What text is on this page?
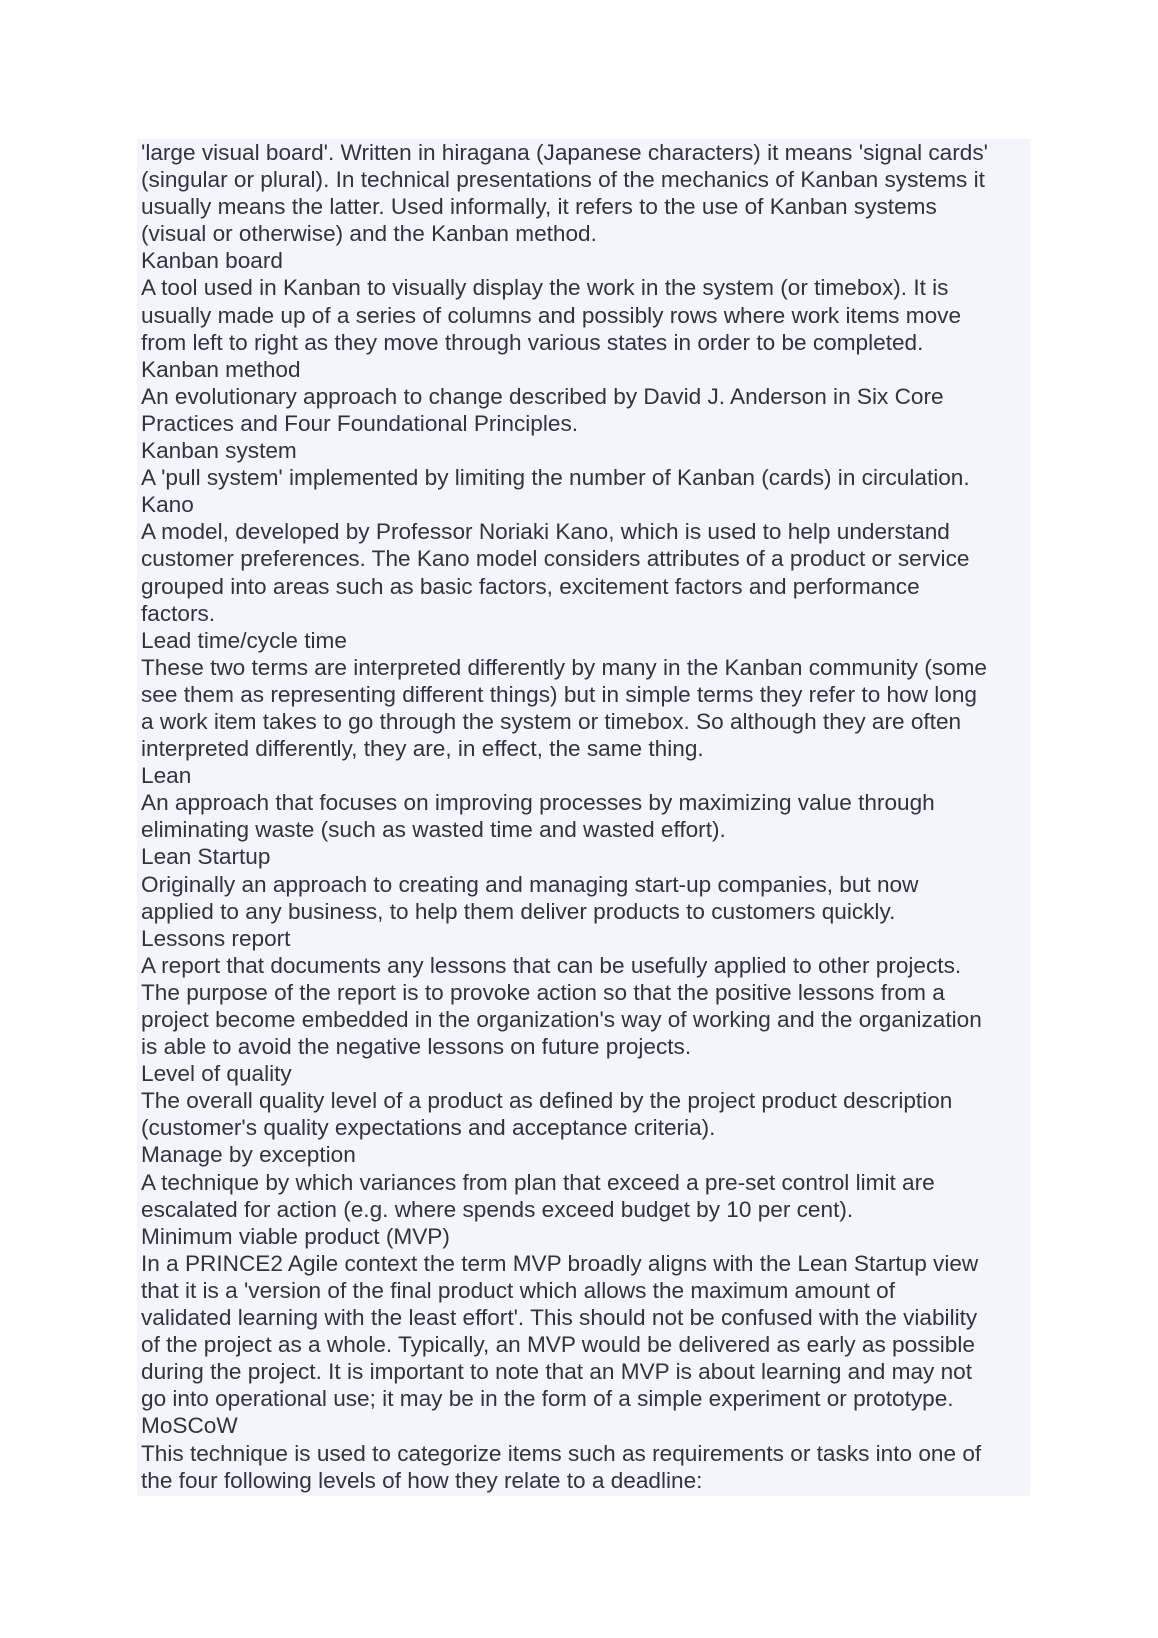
'large visual board'. Written in hiragana (Japanese characters) it means 'signal cards'

(singular or plural). In technical presentations of the mechanics of Kanban systems it

usually means the latter. Used informally, it refers to the use of Kanban systems

(visual or otherwise) and the Kanban method.

Kanban board

A tool used in Kanban to visually display the work in the system (or timebox). It is

usually made up of a series of columns and possibly rows where work items move

from left to right as they move through various states in order to be completed.

Kanban method

An evolutionary approach to change described by David J. Anderson in Six Core

Practices and Four Foundational Principles.

Kanban system

A 'pull system' implemented by limiting the number of Kanban (cards) in circulation.

Kano

A model, developed by Professor Noriaki Kano, which is used to help understand

customer preferences. The Kano model considers attributes of a product or service

grouped into areas such as basic factors, excitement factors and performance

factors.

Lead time/cycle time

These two terms are interpreted differently by many in the Kanban community (some

see them as representing different things) but in simple terms they refer to how long

a work item takes to go through the system or timebox. So although they are often

interpreted differently, they are, in effect, the same thing.

Lean

An approach that focuses on improving processes by maximizing value through

eliminating waste (such as wasted time and wasted effort).

Lean Startup

Originally an approach to creating and managing start-up companies, but now

applied to any business, to help them deliver products to customers quickly.

Lessons report

A report that documents any lessons that can be usefully applied to other projects.

The purpose of the report is to provoke action so that the positive lessons from a

project become embedded in the organization's way of working and the organization

is able to avoid the negative lessons on future projects.

Level of quality

The overall quality level of a product as defined by the project product description

(customer's quality expectations and acceptance criteria).

Manage by exception

A technique by which variances from plan that exceed a pre-set control limit are

escalated for action (e.g. where spends exceed budget by 10 per cent).

Minimum viable product (MVP)

In a PRINCE2 Agile context the term MVP broadly aligns with the Lean Startup view

that it is a 'version of the final product which allows the maximum amount of

validated learning with the least effort'. This should not be confused with the viability

of the project as a whole. Typically, an MVP would be delivered as early as possible

during the project. It is important to note that an MVP is about learning and may not

go into operational use; it may be in the form of a simple experiment or prototype.

MoSCoW

This technique is used to categorize items such as requirements or tasks into one of

the four following levels of how they relate to a deadline:
